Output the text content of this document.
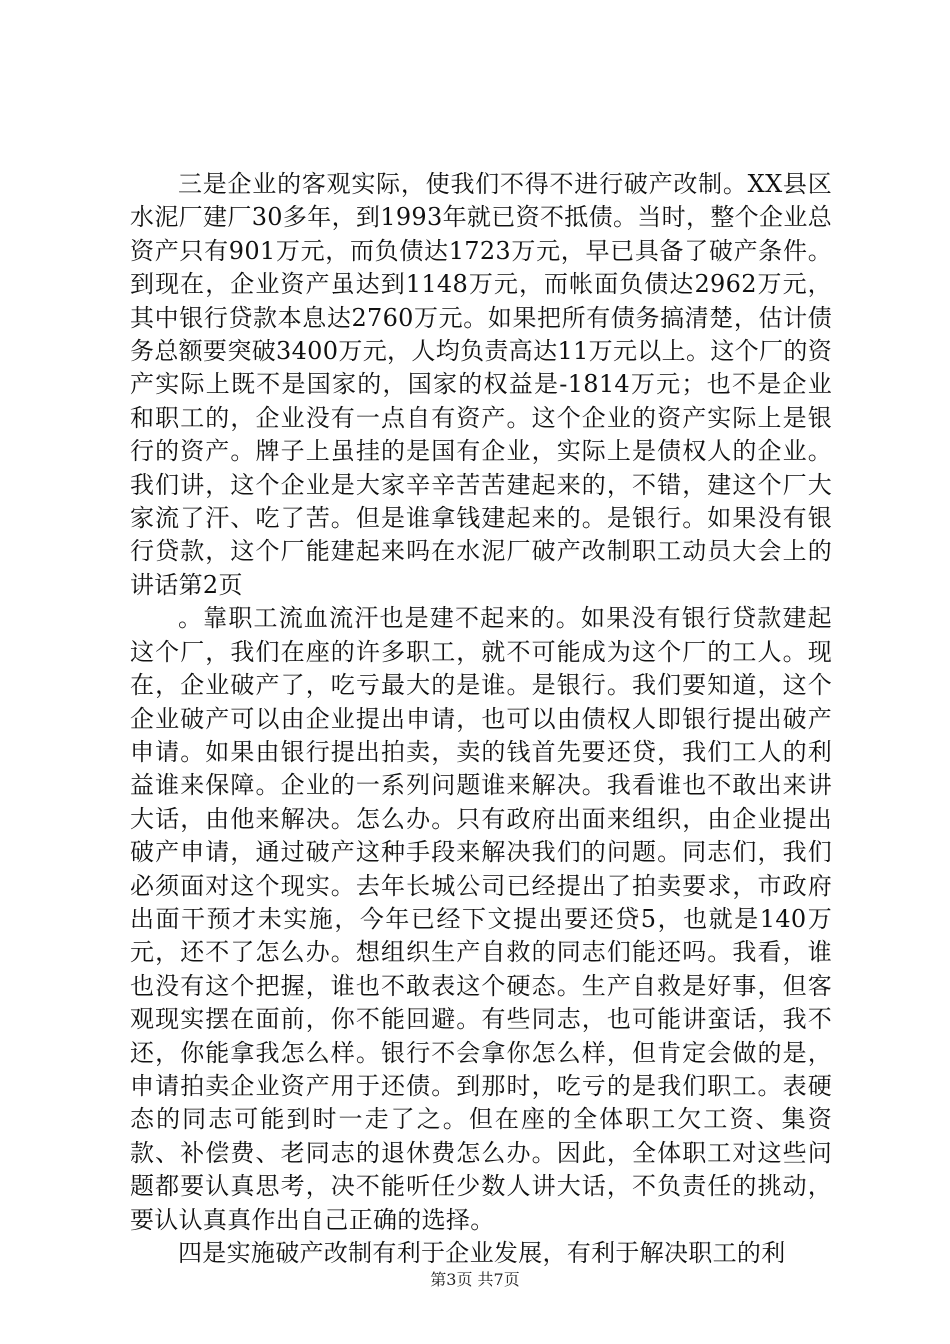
三是企业的客观实际，使我们不得不进行破产改制。XX县区水泥厂建厂30多年，到1993年就已资不抵债。当时，整个企业总资产只有901万元，而负债达1723万元，早已具备了破产条件。到现在，企业资产虽达到1148万元，而帐面负债达2962万元，其中银行贷款本息达2760万元。如果把所有债务搞清楚，估计债务总额要突破3400万元，人均负责高达11万元以上。这个厂的资产实际上既不是国家的，国家的权益是-1814万元；也不是企业和职工的，企业没有一点自有资产。这个企业的资产实际上是银行的资产。牌子上虽挂的是国有企业，实际上是债权人的企业。我们讲，这个企业是大家辛辛苦苦建起来的，不错，建这个厂大家流了汗、吃了苦。但是谁拿钱建起来的。是银行。如果没有银行贷款，这个厂能建起来吗在水泥厂破产改制职工动员大会上的讲话第2页

。靠职工流血流汗也是建不起来的。如果没有银行贷款建起这个厂，我们在座的许多职工，就不可能成为这个厂的工人。现在，企业破产了，吃亏最大的是谁。是银行。我们要知道，这个企业破产可以由企业提出申请，也可以由债权人即银行提出破产申请。如果由银行提出拍卖，卖的钱首先要还贷，我们工人的利益谁来保障。企业的一系列问题谁来解决。我看谁也不敢出来讲大话，由他来解决。怎么办。只有政府出面来组织，由企业提出破产申请，通过破产这种手段来解决我们的问题。同志们，我们必须面对这个现实。去年长城公司已经提出了拍卖要求，市政府出面干预才未实施，今年已经下文提出要还贷5，也就是140万元，还不了怎么办。想组织生产自救的同志们能还吗。我看，谁也没有这个把握，谁也不敢表这个硬态。生产自救是好事，但客观现实摆在面前，你不能回避。有些同志，也可能讲蛮话，我不还，你能拿我怎么样。银行不会拿你怎么样，但肯定会做的是，申请拍卖企业资产用于还债。到那时，吃亏的是我们职工。表硬态的同志可能到时一走了之。但在座的全体职工欠工资、集资款、补偿费、老同志的退休费怎么办。因此，全体职工对这些问题都要认真思考，决不能听任少数人讲大话，不负责任的挑动，要认认真真作出自己正确的选择。

四是实施破产改制有利于企业发展，有利于解决职工的利

第3页 共7页
